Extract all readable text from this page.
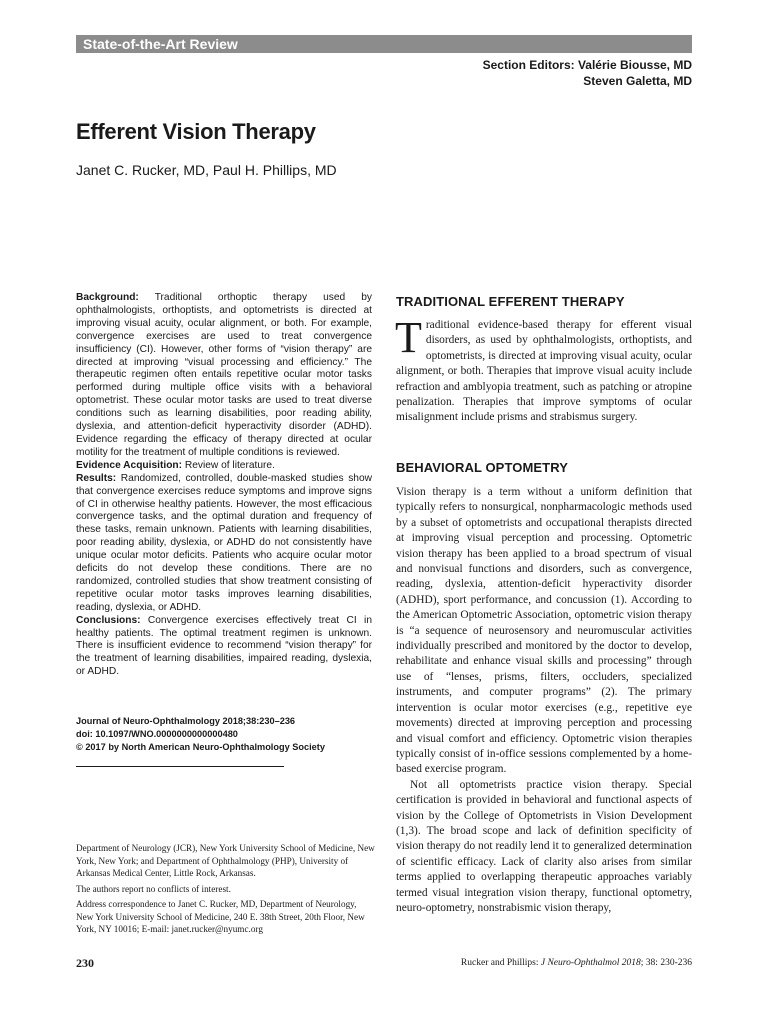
State-of-the-Art Review
Section Editors: Valérie Biousse, MD
Steven Galetta, MD
Efferent Vision Therapy
Janet C. Rucker, MD, Paul H. Phillips, MD

Background: Traditional orthoptic therapy used by ophthalmologists, orthoptists, and optometrists is directed at improving visual acuity, ocular alignment, or both. For example, convergence exercises are used to treat convergence insufficiency (CI). However, other forms of “vision therapy” are directed at improving “visual processing and efficiency.” The therapeutic regimen often entails repetitive ocular motor tasks performed during multiple office visits with a behavioral optometrist. These ocular motor tasks are used to treat diverse conditions such as learning disabilities, poor reading ability, dyslexia, and attention-deficit hyperactivity disorder (ADHD). Evidence regarding the efficacy of therapy directed at ocular motility for the treatment of multiple conditions is reviewed.

Evidence Acquisition: Review of literature.

Results: Randomized, controlled, double-masked studies show that convergence exercises reduce symptoms and improve signs of CI in otherwise healthy patients. However, the most efficacious convergence tasks, and the optimal duration and frequency of these tasks, remain unknown. Patients with learning disabilities, poor reading ability, dyslexia, or ADHD do not consistently have unique ocular motor deficits. Patients who acquire ocular motor deficits do not develop these conditions. There are no randomized, controlled studies that show treatment consisting of repetitive ocular motor tasks improves learning disabilities, reading, dyslexia, or ADHD.

Conclusions: Convergence exercises effectively treat CI in healthy patients. The optimal treatment regimen is unknown. There is insufficient evidence to recommend “vision therapy” for the treatment of learning disabilities, impaired reading, dyslexia, or ADHD.

Journal of Neuro-Ophthalmology 2018;38:230–236
doi: 10.1097/WNO.0000000000000480
© 2017 by North American Neuro-Ophthalmology Society

Department of Neurology (JCR), New York University School of Medicine, New York, New York; and Department of Ophthalmology (PHP), University of Arkansas Medical Center, Little Rock, Arkansas.

The authors report no conflicts of interest.

Address correspondence to Janet C. Rucker, MD, Department of Neurology, New York University School of Medicine, 240 E. 38th Street, 20th Floor, New York, NY 10016; E-mail: janet.rucker@nyumc.org

TRADITIONAL EFFERENT THERAPY

Traditional evidence-based therapy for efferent visual disorders, as used by ophthalmologists, orthoptists, and optometrists, is directed at improving visual acuity, ocular alignment, or both. Therapies that improve visual acuity include refraction and amblyopia treatment, such as patching or atropine penalization. Therapies that improve symptoms of ocular misalignment include prisms and strabismus surgery.

BEHAVIORAL OPTOMETRY

Vision therapy is a term without a uniform definition that typically refers to nonsurgical, nonpharmacologic methods used by a subset of optometrists and occupational therapists directed at improving visual perception and processing. Optometric vision therapy has been applied to a broad spectrum of visual and nonvisual functions and disorders, such as convergence, reading, dyslexia, attention-deficit hyperactivity disorder (ADHD), sport performance, and concussion (1). According to the American Optometric Association, optometric vision therapy is “a sequence of neurosensory and neuromuscular activities individually prescribed and monitored by the doctor to develop, rehabilitate and enhance visual skills and processing” through use of “lenses, prisms, filters, occluders, specialized instruments, and computer programs” (2). The primary intervention is ocular motor exercises (e.g., repetitive eye movements) directed at improving perception and processing and visual comfort and efficiency. Optometric vision therapies typically consist of in-office sessions complemented by a home-based exercise program.

Not all optometrists practice vision therapy. Special certification is provided in behavioral and functional aspects of vision by the College of Optometrists in Vision Development (1,3). The broad scope and lack of definition specificity of vision therapy do not readily lend it to generalized determination of scientific efficacy. Lack of clarity also arises from similar terms applied to overlapping therapeutic approaches variably termed visual integration vision therapy, functional optometry, neuro-optometry, nonstrabismic vision therapy,

230	Rucker and Phillips: J Neuro-Ophthalmol 2018; 38: 230-236
